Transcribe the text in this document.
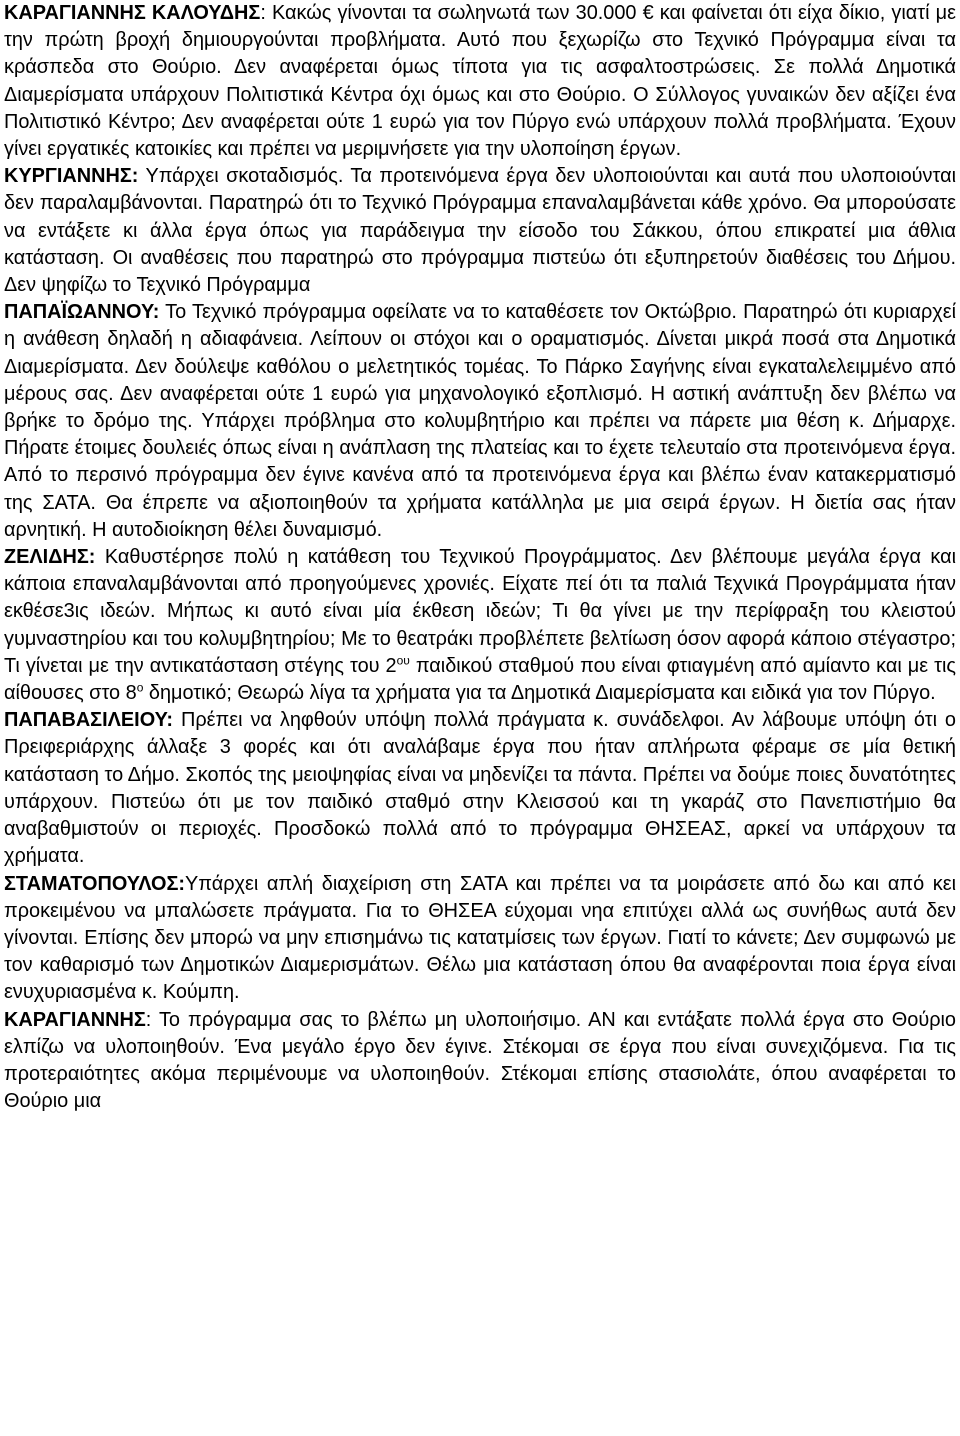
ΚΑΡΑΓΙΑΝΝΗΣ ΚΑΛΟΥΔΗΣ: Κακώς γίνονται τα σωληνωτά των 30.000 € και φαίνεται ότι είχα δίκιο, γιατί με την πρώτη βροχή δημιουργούνται προβλήματα. Αυτό που ξεχωρίζω στο Τεχνικό Πρόγραμμα είναι τα κράσπεδα στο Θούριο. Δεν αναφέρεται όμως τίποτα για τις ασφαλτοστρώσεις. Σε πολλά Δημοτικά Διαμερίσματα υπάρχουν Πολιτιστικά Κέντρα όχι όμως και στο Θούριο. Ο Σύλλογος γυναικών δεν αξίζει ένα Πολιτιστικό Κέντρο; Δεν αναφέρεται ούτε 1 ευρώ για τον Πύργο ενώ υπάρχουν πολλά προβλήματα. Έχουν γίνει εργατικές κατοικίες και πρέπει να μεριμνήσετε για την υλοποίηση έργων.

ΚΥΡΓΙΑΝΝΗΣ: Υπάρχει σκοταδισμός. Τα προτεινόμενα έργα δεν υλοποιούνται και αυτά που υλοποιούνται δεν παραλαμβάνονται. Παρατηρώ ότι το Τεχνικό Πρόγραμμα επαναλαμβάνεται κάθε χρόνο. Θα μπορούσατε να εντάξετε κι άλλα έργα όπως για παράδειγμα την είσοδο του Σάκκου, όπου επικρατεί μια άθλια κατάσταση. Οι αναθέσεις που παρατηρώ στο πρόγραμμα πιστεύω ότι εξυπηρετούν διαθέσεις του Δήμου. Δεν ψηφίζω το Τεχνικό Πρόγραμμα

ΠΑΠΑΪΩΑΝΝΟΥ: Το Τεχνικό πρόγραμμα οφείλατε να το καταθέσετε τον Οκτώβριο. Παρατηρώ ότι κυριαρχεί η ανάθεση δηλαδή η αδιαφάνεια. Λείπουν οι στόχοι και ο οραματισμός. Δίνεται μικρά ποσά στα Δημοτικά Διαμερίσματα. Δεν δούλεψε καθόλου ο μελετητικός τομέας. Το Πάρκο Σαγήνης είναι εγκαταλελειμμένο από μέρους σας. Δεν αναφέρεται ούτε 1 ευρώ για μηχανολογικό εξοπλισμό. Η αστική ανάπτυξη δεν βλέπω να βρήκε το δρόμο της. Υπάρχει πρόβλημα στο κολυμβητήριο και πρέπει να πάρετε μια θέση κ. Δήμαρχε. Πήρατε έτοιμες δουλειές όπως είναι η ανάπλαση της πλατείας και το έχετε τελευταίο στα προτεινόμενα έργα. Από το περσινό πρόγραμμα δεν έγινε κανένα από τα προτεινόμενα έργα και βλέπω έναν κατακερματισμό της ΣΑΤΑ. Θα έπρεπε να αξιοποιηθούν τα χρήματα κατάλληλα με μια σειρά έργων. Η διετία σας ήταν αρνητική. Η αυτοδιοίκηση θέλει δυναμισμό.

ΖΕΛΙΔΗΣ: Καθυστέρησε πολύ η κατάθεση του Τεχνικού Προγράμματος. Δεν βλέπουμε μεγάλα έργα και κάποια επαναλαμβάνονται από προηγούμενες χρονιές. Είχατε πεί ότι τα παλιά Τεχνικά Προγράμματα ήταν εκθέσε3ις ιδεών. Μήπως κι αυτό είναι μία έκθεση ιδεών; Τι θα γίνει με την περίφραξη του κλειστού γυμναστηρίου και του κολυμβητηρίου; Με το θεατράκι προβλέπετε βελτίωση όσον αφορά κάποιο στέγαστρο; Τι γίνεται με την αντικατάσταση στέγης του $2^{o\upsilon}$ παιδικού σταθμού που είναι φτιαγμένη από αμίαντο και με τις αίθουσες στο $8^o$ δημοτικό; Θεωρώ λίγα τα χρήματα για τα Δημοτικά Διαμερίσματα και ειδικά για τον Πύργο.

ΠΑΠΑΒΑΣΙΛΕΙΟΥ: Πρέπει να ληφθούν υπόψη πολλά πράγματα κ. συνάδελφοι. Αν λάβουμε υπόψη ότι ο Πρειφεριάρχης άλλαξε 3 φορές και ότι αναλάβαμε έργα που ήταν απλήρωτα φέραμε σε μία θετική κατάσταση το Δήμο. Σκοπός της μειοψηφίας είναι να μηδενίζει τα πάντα. Πρέπει να δούμε ποιες δυνατότητες υπάρχουν. Πιστεύω ότι με τον παιδικό σταθμό στην Κλεισσού και τη γκαράζ στο Πανεπιστήμιο θα αναβαθμιστούν οι περιοχές. Προσδοκώ πολλά από το πρόγραμμα ΘΗΣΕΑΣ, αρκεί να υπάρχουν τα χρήματα.

ΣΤΑΜΑΤΟΠΟΥΛΟΣ:Υπάρχει απλή διαχείριση στη ΣΑΤΑ και πρέπει να τα μοιράσετε από δω και από κει προκειμένου να μπαλώσετε πράγματα. Για το ΘΗΣΕΑ εύχομαι νηα επιτύχει αλλά ως συνήθως αυτά δεν γίνονται. Επίσης δεν μπορώ να μην επισημάνω τις κατατμίσεις των έργων. Γιατί το κάνετε; Δεν συμφωνώ με τον καθαρισμό των Δημοτικών Διαμερισμάτων. Θέλω μια κατάσταση όπου θα αναφέρονται ποια έργα είναι ενυχυριασμένα κ. Κούμπη.

ΚΑΡΑΓΙΑΝΝΗΣ: Το πρόγραμμα σας το βλέπω μη υλοποιήσιμο. ΑΝ και εντάξατε πολλά έργα στο Θούριο ελπίζω να υλοποιηθούν. Ένα μεγάλο έργο δεν έγινε. Στέκομαι σε έργα που είναι συνεχιζόμενα. Για τις προτεραιότητες ακόμα περιμένουμε να υλοποιηθούν. Στέκομαι επίσης στασιολάτε, όπου αναφέρεται το Θούριο μια
